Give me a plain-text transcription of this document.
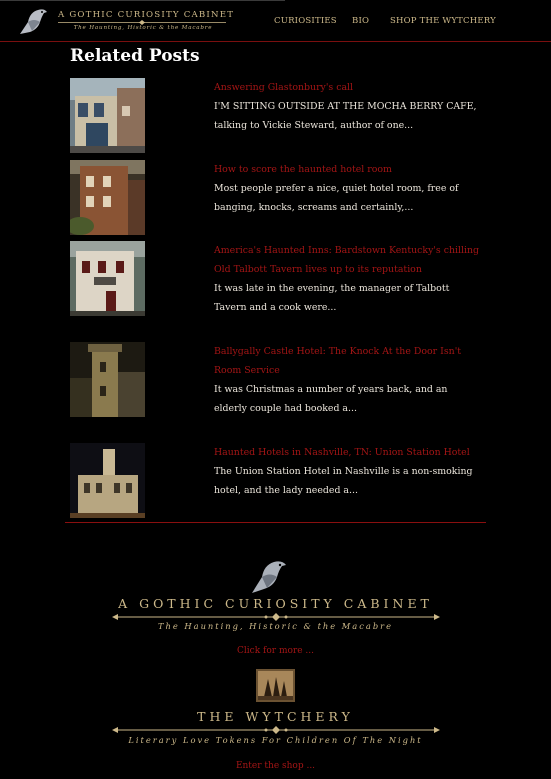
A GOTHIC CURIOSITY CABINET
The Haunting, Historic & the Macabre
CURIOSITIES BIO SHOP THE WYTCHERY
Related Posts
Answering Glastonbury's call
I'M SITTING OUTSIDE AT THE MOCHA BERRY CAFE, talking to Vickie Steward, author of one...
How to score the haunted hotel room
Most people prefer a nice, quiet hotel room, free of banging, knocks, screams and certainly,...
America's Haunted Inns: Bardstown Kentucky's chilling Old Talbott Tavern lives up to its reputation
It was late in the evening, the manager of Talbott Tavern and a cook were...
Ballygally Castle Hotel: The Knock At the Door Isn't Room Service
It was Christmas a number of years back, and an elderly couple had booked a...
Haunted Hotels in Nashville, TN: Union Station Hotel
The Union Station Hotel in Nashville is a non-smoking hotel, and the lady needed a...
A GOTHIC CURIOSITY CABINET
The Haunting, Historic & the Macabre
Click for more ...
THE WYTCHERY
Literary Love Tokens For Children Of The Night
Enter the shop ...
